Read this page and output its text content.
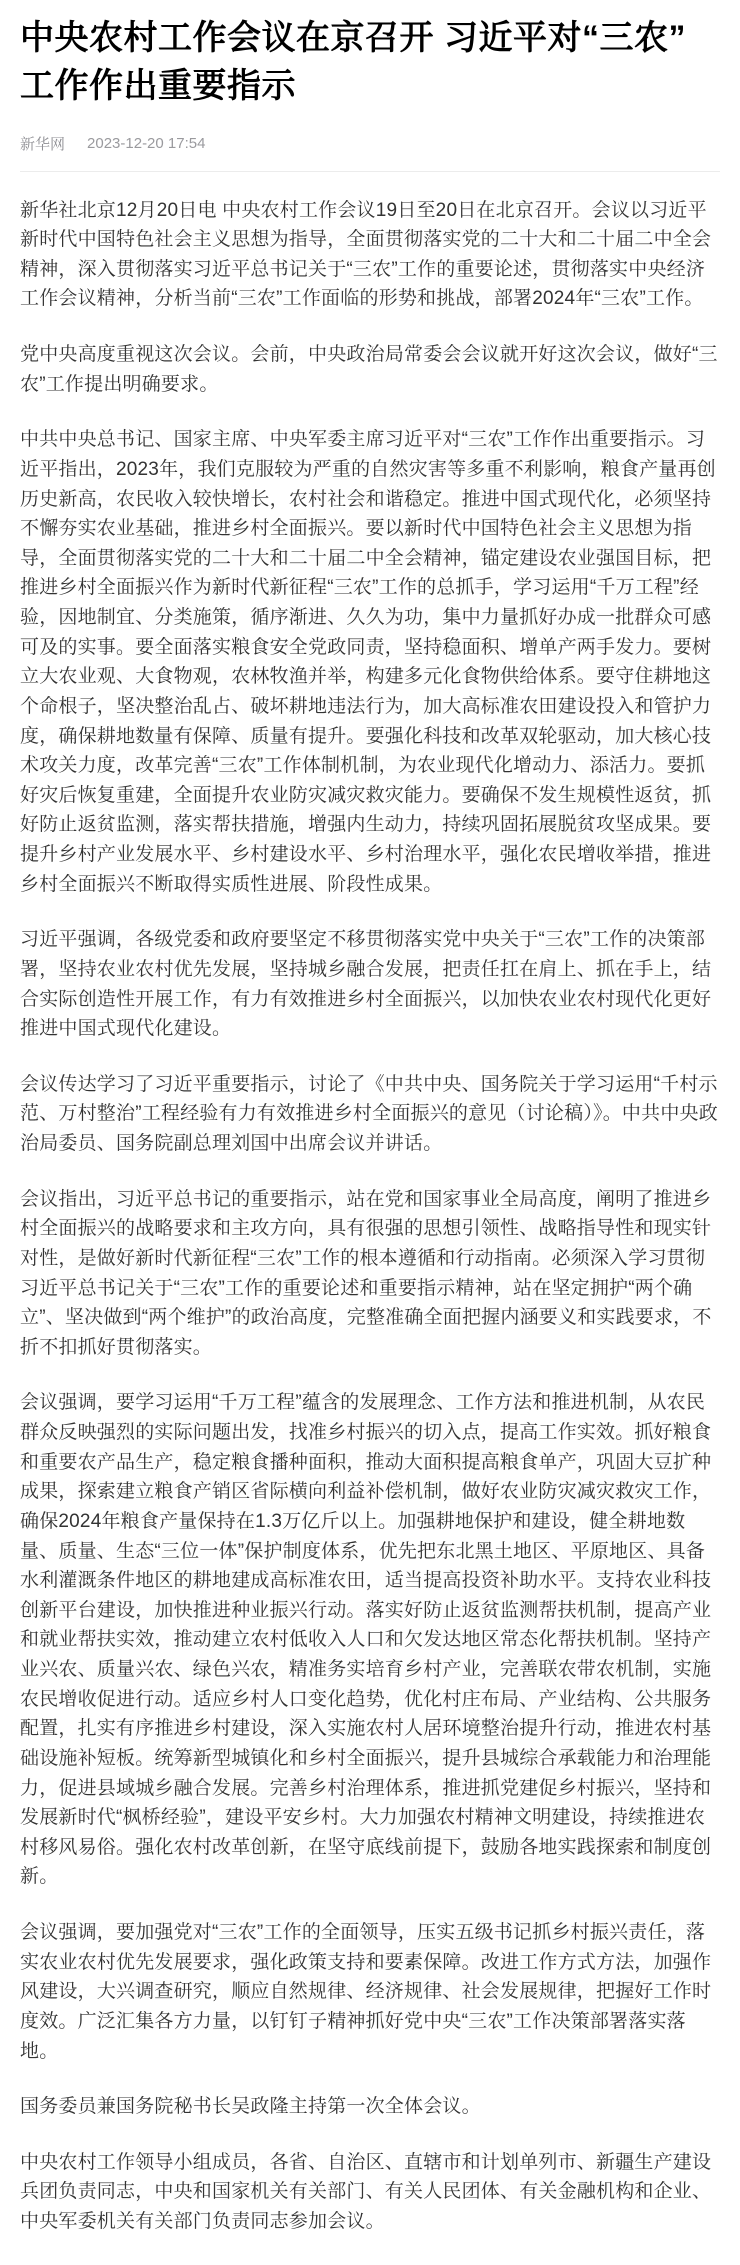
中央农村工作会议在京召开 习近平对“三农”工作作出重要指示
新华网 2023-12-20 17:54

新华社北京12月20日电 中央农村工作会议19日至20日在北京召开。会议以习近平新时代中国特色社会主义思想为指导，全面贯彻落实党的二十大和二十届二中全会精神，深入贯彻落实习近平总书记关于“三农”工作的重要论述，贯彻落实中央经济工作会议精神，分析当前“三农”工作面临的形势和挑战，部署2024年“三农”工作。

党中央高度重视这次会议。会前，中央政治局常委会会议就开好这次会议，做好“三农”工作提出明确要求。

中共中央总书记、国家主席、中央军委主席习近平对“三农”工作作出重要指示。习近平指出，2023年，我们克服较为严重的自然灾害等多重不利影响，粮食产量再创历史新高，农民收入较快增长，农村社会和谐稳定。推进中国式现代化，必须坚持不懈夯实农业基础，推进乡村全面振兴。要以新时代中国特色社会主义思想为指导，全面贯彻落实党的二十大和二十届二中全会精神，锚定建设农业强国目标，把推进乡村全面振兴作为新时代新征程“三农”工作的总抓手，学习运用“千万工程”经验，因地制宜、分类施策，循序渐进、久久为功，集中力量抓好办成一批群众可感可及的实事。要全面落实粮食安全党政同责，坚持稳面积、增单产两手发力。要树立大农业观、大食物观，农林牧渔并举，构建多元化食物供给体系。要守住耕地这个命根子，坚决整治乱占、破坏耕地违法行为，加大高标准农田建设投入和管护力度，确保耕地数量有保障、质量有提升。要强化科技和改革双轮驱动，加大核心技术攻关力度，改革完善“三农”工作体制机制，为农业现代化增动力、添活力。要抓好灾后恢复重建，全面提升农业防灾减灾救灾能力。要确保不发生规模性返贫，抓好防止返贫监测，落实帮扶措施，增强内生动力，持续巩固拓展脱贫攻坚成果。要提升乡村产业发展水平、乡村建设水平、乡村治理水平，强化农民增收举措，推进乡村全面振兴不断取得实质性进展、阶段性成果。

习近平强调，各级党委和政府要坚定不移贯彻落实党中央关于“三农”工作的决策部署，坚持农业农村优先发展，坚持城乡融合发展，把责任扛在肩上、抓在手上，结合实际创造性开展工作，有力有效推进乡村全面振兴，以加快农业农村现代化更好推进中国式现代化建设。

会议传达学习了习近平重要指示，讨论了《中共中央、国务院关于学习运用“千村示范、万村整治”工程经验有力有效推进乡村全面振兴的意见（讨论稿）》。中共中央政治局委员、国务院副总理刘国中出席会议并讲话。

会议指出，习近平总书记的重要指示，站在党和国家事业全局高度，阐明了推进乡村全面振兴的战略要求和主攻方向，具有很强的思想引领性、战略指导性和现实针对性，是做好新时代新征程“三农”工作的根本遵循和行动指南。必须深入学习贯彻习近平总书记关于“三农”工作的重要论述和重要指示精神，站在坚定拥护“两个确立”、坚决做到“两个维护”的政治高度，完整准确全面把握内涵要义和实践要求，不折不扣抓好贯彻落实。

会议强调，要学习运用“千万工程”蕴含的发展理念、工作方法和推进机制，从农民群众反映强烈的实际问题出发，找准乡村振兴的切入点，提高工作实效。抓好粮食和重要农产品生产，稳定粮食播种面积，推动大面积提高粮食单产，巩固大豆扩种成果，探索建立粮食产销区省际横向利益补偿机制，做好农业防灾减灾救灾工作，确保2024年粮食产量保持在1.3万亿斤以上。加强耕地保护和建设，健全耕地数量、质量、生态“三位一体”保护制度体系，优先把东北黑土地区、平原地区、具备水利灌溉条件地区的耕地建成高标准农田，适当提高投资补助水平。支持农业科技创新平台建设，加快推进种业振兴行动。落实好防止返贫监测帮扶机制，提高产业和就业帮扶实效，推动建立农村低收入人口和欠发达地区常态化帮扶机制。坚持产业兴农、质量兴农、绿色兴农，精准务实培育乡村产业，完善联农带农机制，实施农民增收促进行动。适应乡村人口变化趋势，优化村庄布局、产业结构、公共服务配置，扎实有序推进乡村建设，深入实施农村人居环境整治提升行动，推进农村基础设施补短板。统筹新型城镇化和乡村全面振兴，提升县城综合承载能力和治理能力，促进县域城乡融合发展。完善乡村治理体系，推进抓党建促乡村振兴，坚持和发展新时代“枫桥经验”，建设平安乡村。大力加强农村精神文明建设，持续推进农村移风易俗。强化农村改革创新，在坚守底线前提下，鼓励各地实践探索和制度创新。

会议强调，要加强党对“三农”工作的全面领导，压实五级书记抓乡村振兴责任，落实农业农村优先发展要求，强化政策支持和要素保障。改进工作方式方法，加强作风建设，大兴调查研究，顺应自然规律、经济规律、社会发展规律，把握好工作时度效。广泛汇集各方力量，以钉钉子精神抓好党中央“三农”工作决策部署落实落地。

国务委员兼国务院秘书长吴政隆主持第一次全体会议。

中央农村工作领导小组成员，各省、自治区、直辖市和计划单列市、新疆生产建设兵团负责同志，中央和国家机关有关部门、有关人民团体、有关金融机构和企业、中央军委机关有关部门负责同志参加会议。
